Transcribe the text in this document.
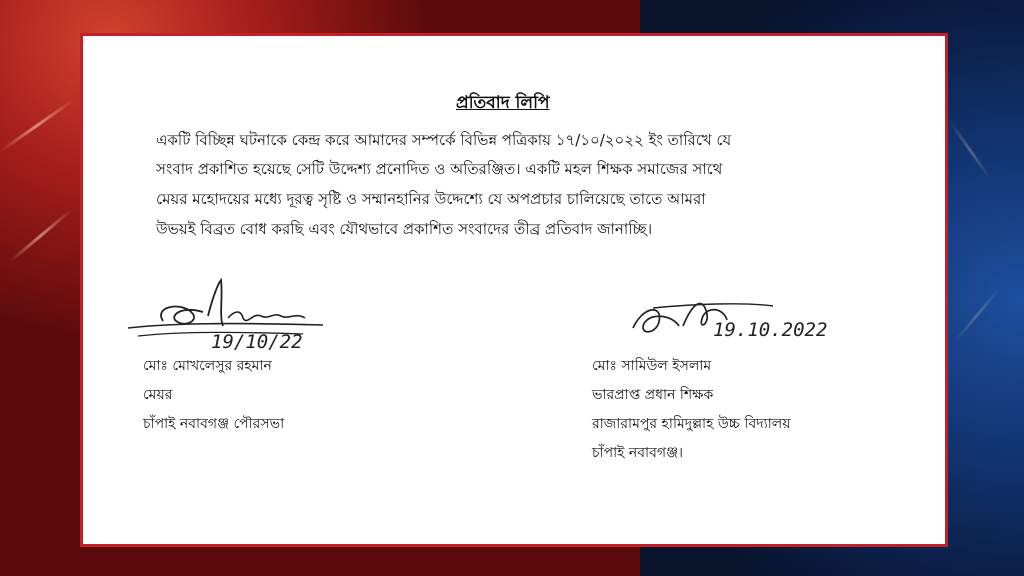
প্রতিবাদ লিপি
একটি বিচ্ছিন্ন ঘটনাকে কেন্দ্র করে আমাদের সম্পর্কে বিভিন্ন পত্রিকায় ১৭/১০/২০২২ ইং তারিখে যে
সংবাদ প্রকাশিত হয়েছে সেটি উদ্দেশ্য প্রনোদিত ও অতিরঞ্জিত। একটি মহল শিক্ষক সমাজের সাথে
মেয়র মহোদয়ের মধ্যে দূরত্ব সৃষ্টি ও সম্মানহানির উদ্দেশ্যে যে অপপ্রচার চালিয়েছে তাতে আমরা
উভয়ই বিব্রত বোধ করছি এবং যৌথভাবে প্রকাশিত সংবাদের তীব্র প্রতিবাদ জানাচ্ছি।
19/10/22
মোঃ মোখলেসুর রহমান
মেয়র
চাঁপাই নবাবগঞ্জ পৌরসভা
19.10.2022
মোঃ সামিউল ইসলাম
ভারপ্রাপ্ত প্রধান শিক্ষক
রাজারামপুর হামিদুল্লাহ উচ্চ বিদ্যালয়
চাঁপাই নবাবগঞ্জ।
